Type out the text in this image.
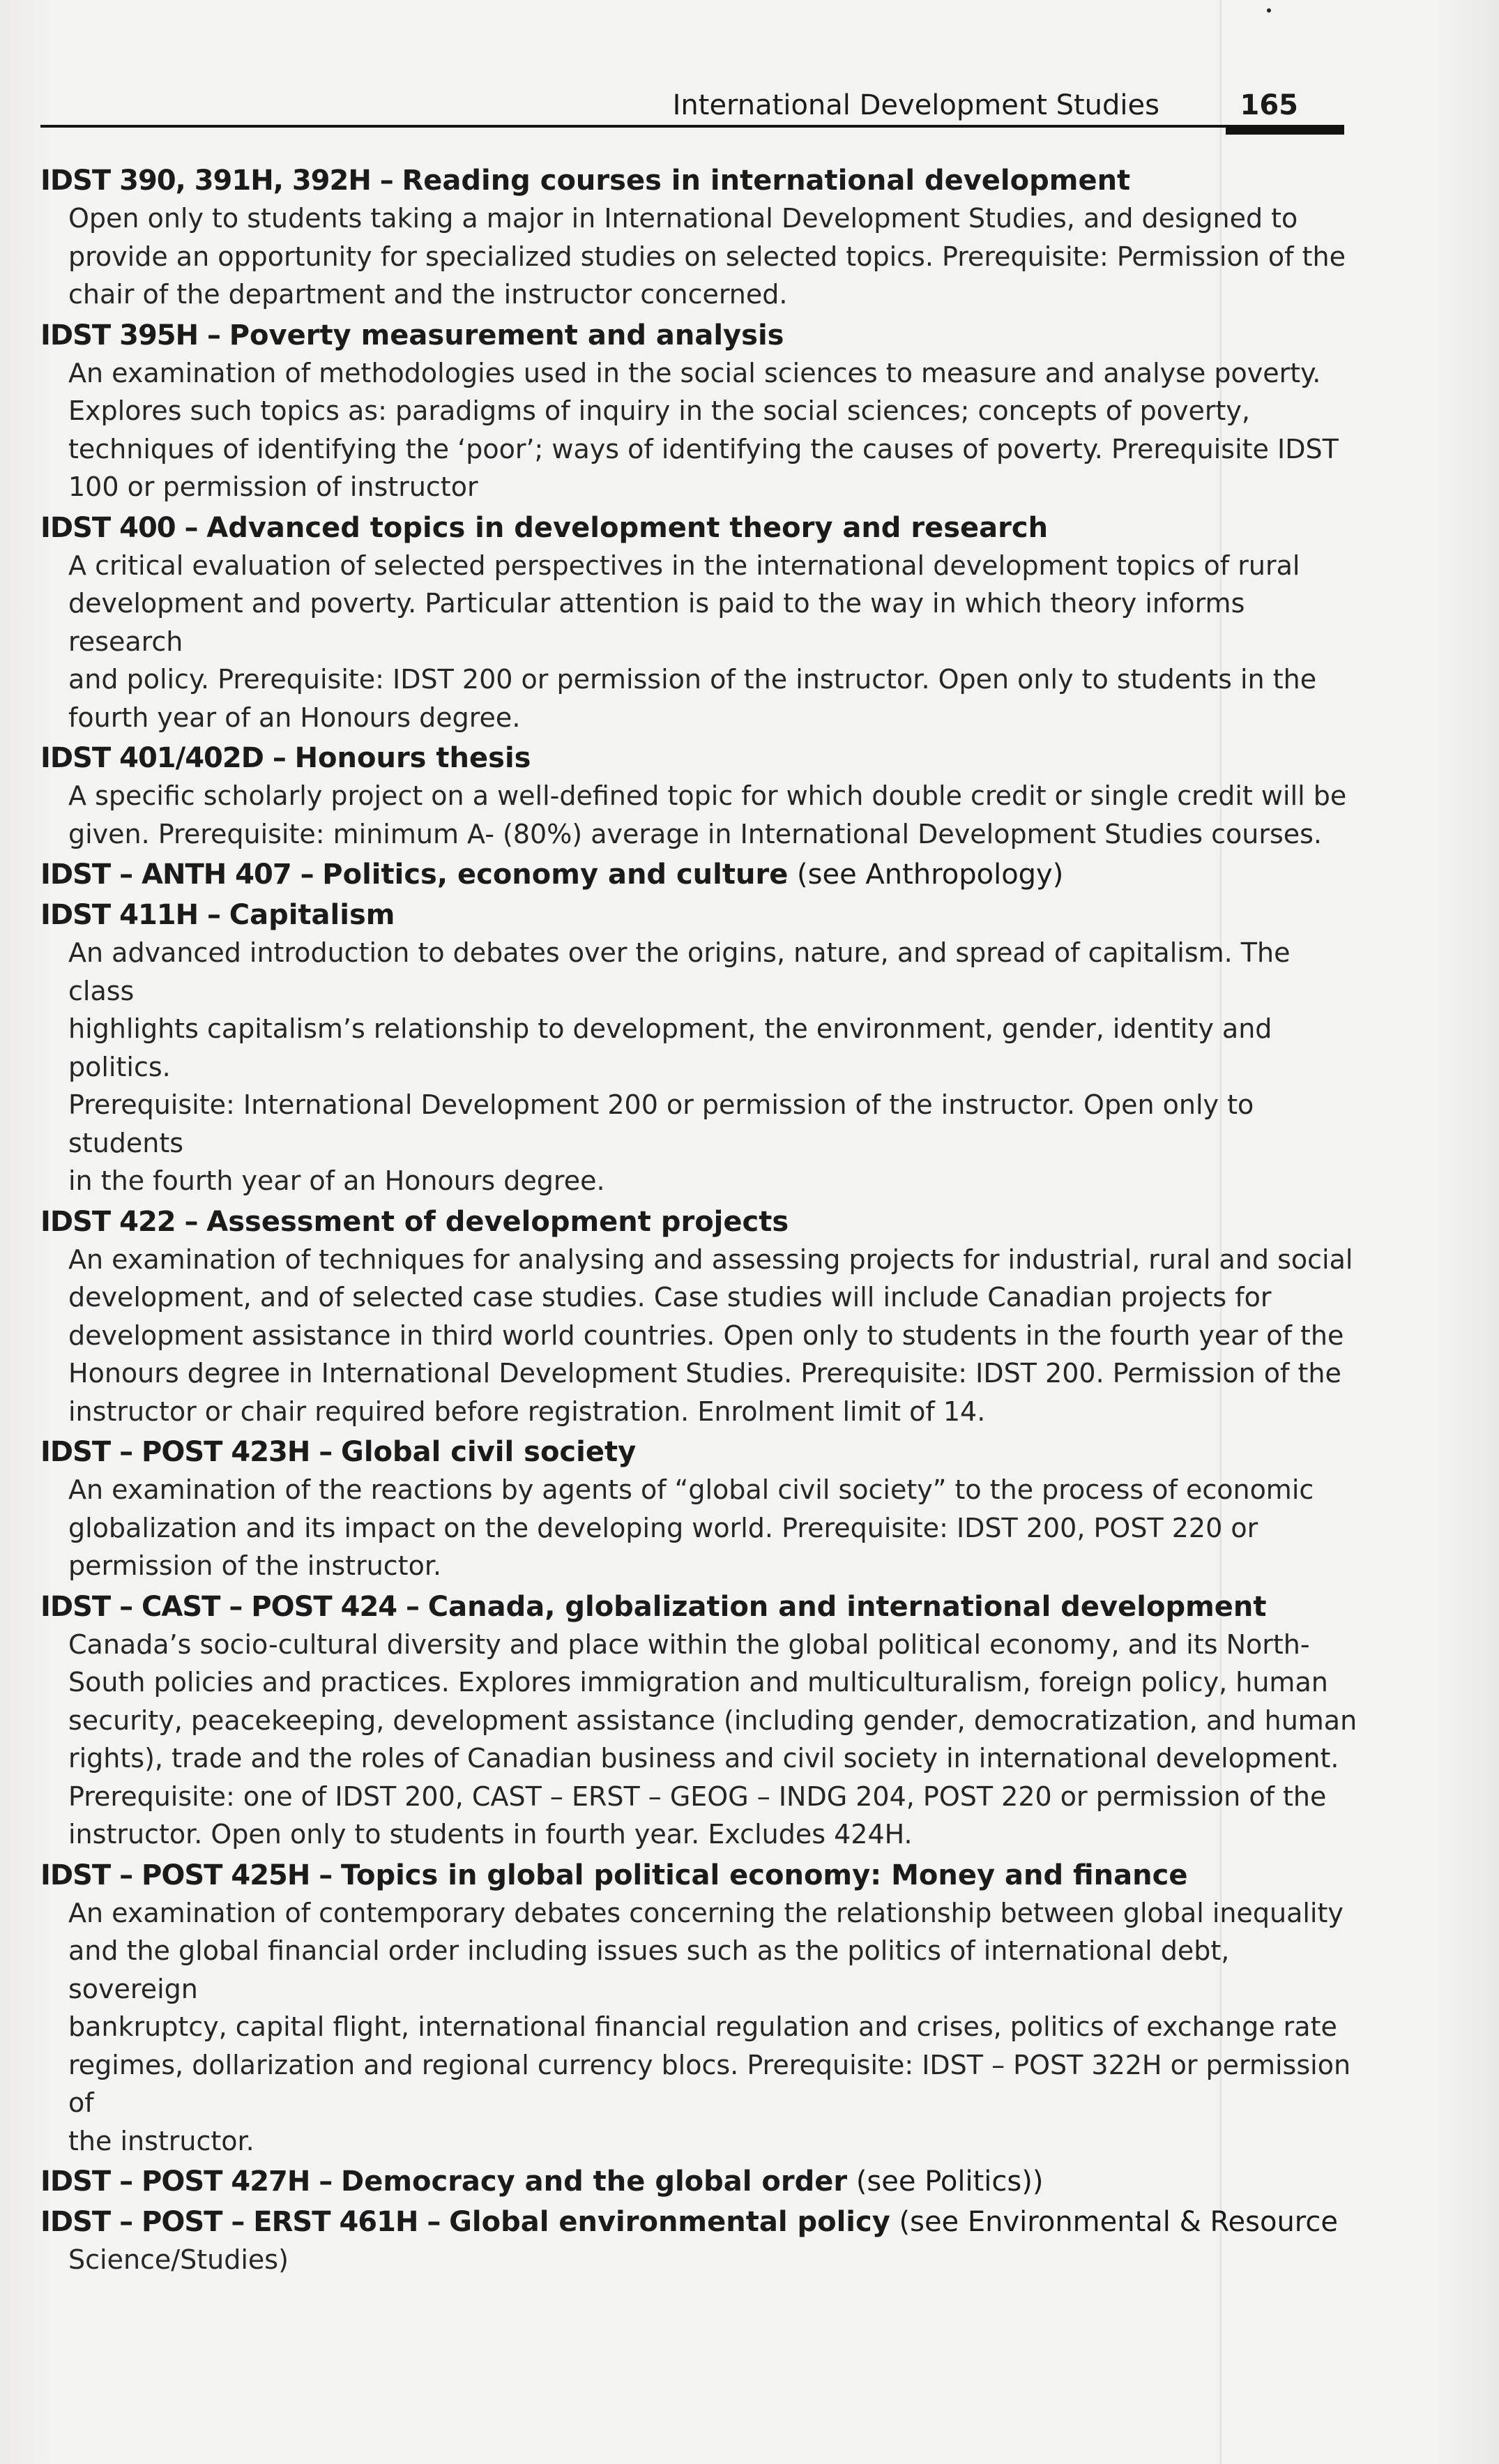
International Development Studies	165
IDST 390, 391H, 392H – Reading courses in international development
Open only to students taking a major in International Development Studies, and designed to
provide an opportunity for specialized studies on selected topics. Prerequisite: Permission of the
chair of the department and the instructor concerned.
IDST 395H – Poverty measurement and analysis
An examination of methodologies used in the social sciences to measure and analyse poverty.
Explores such topics as: paradigms of inquiry in the social sciences; concepts of poverty,
techniques of identifying the ‘poor’; ways of identifying the causes of poverty. Prerequisite IDST
100 or permission of instructor
IDST 400 – Advanced topics in development theory and research
A critical evaluation of selected perspectives in the international development topics of rural
development and poverty. Particular attention is paid to the way in which theory informs research
and policy. Prerequisite: IDST 200 or permission of the instructor. Open only to students in the
fourth year of an Honours degree.
IDST 401/402D – Honours thesis
A specific scholarly project on a well-defined topic for which double credit or single credit will be
given. Prerequisite: minimum A- (80%) average in International Development Studies courses.
IDST – ANTH 407 – Politics, economy and culture (see Anthropology)
IDST 411H – Capitalism
An advanced introduction to debates over the origins, nature, and spread of capitalism. The class
highlights capitalism’s relationship to development, the environment, gender, identity and politics.
Prerequisite: International Development 200 or permission of the instructor. Open only to students
in the fourth year of an Honours degree.
IDST 422 – Assessment of development projects
An examination of techniques for analysing and assessing projects for industrial, rural and social
development, and of selected case studies. Case studies will include Canadian projects for
development assistance in third world countries. Open only to students in the fourth year of the
Honours degree in International Development Studies. Prerequisite: IDST 200. Permission of the
instructor or chair required before registration. Enrolment limit of 14.
IDST – POST 423H – Global civil society
An examination of the reactions by agents of “global civil society” to the process of economic
globalization and its impact on the developing world. Prerequisite: IDST 200, POST 220 or
permission of the instructor.
IDST – CAST – POST 424 – Canada, globalization and international development
Canada’s socio-cultural diversity and place within the global political economy, and its North-
South policies and practices. Explores immigration and multiculturalism, foreign policy, human
security, peacekeeping, development assistance (including gender, democratization, and human
rights), trade and the roles of Canadian business and civil society in international development.
Prerequisite: one of IDST 200, CAST – ERST – GEOG – INDG 204, POST 220 or permission of the
instructor. Open only to students in fourth year. Excludes 424H.
IDST – POST 425H – Topics in global political economy: Money and finance
An examination of contemporary debates concerning the relationship between global inequality
and the global financial order including issues such as the politics of international debt, sovereign
bankruptcy, capital flight, international financial regulation and crises, politics of exchange rate
regimes, dollarization and regional currency blocs. Prerequisite: IDST – POST 322H or permission of
the instructor.
IDST – POST 427H – Democracy and the global order (see Politics))
IDST – POST – ERST 461H – Global environmental policy (see Environmental & Resource
Science/Studies)
